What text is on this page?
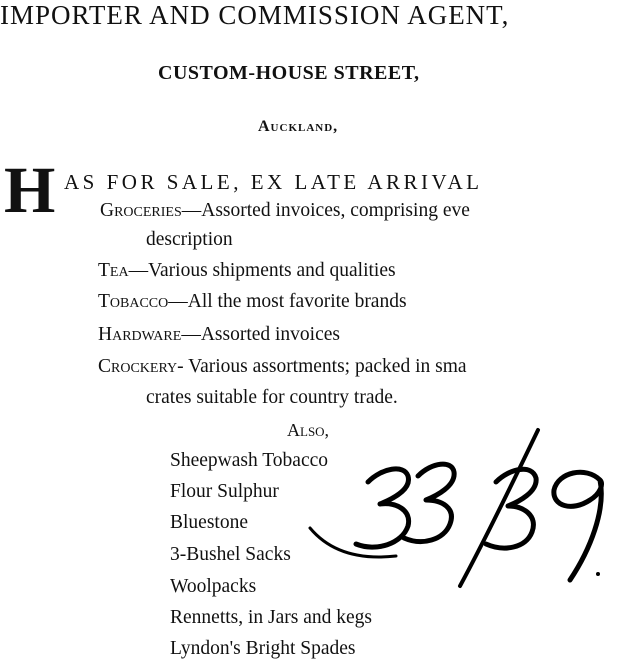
IMPORTER AND COMMISSION AGENT,
CUSTOM-HOUSE STREET,
Auckland,
H AS FOR SALE, EX LATE ARRIVAL
Groceries—Assorted invoices, comprising eve
description
Tea—Various shipments and qualities
Tobacco—All the most favorite brands
Hardware—Assorted invoices
Crockery- Various assortments; packed in sma
crates suitable for country trade.
Also,
Sheepwash Tobacco
Flour Sulphur
Bluestone
3-Bushel Sacks
Woolpacks
Rennetts, in Jars and kegs
Lyndon's Bright Spades
